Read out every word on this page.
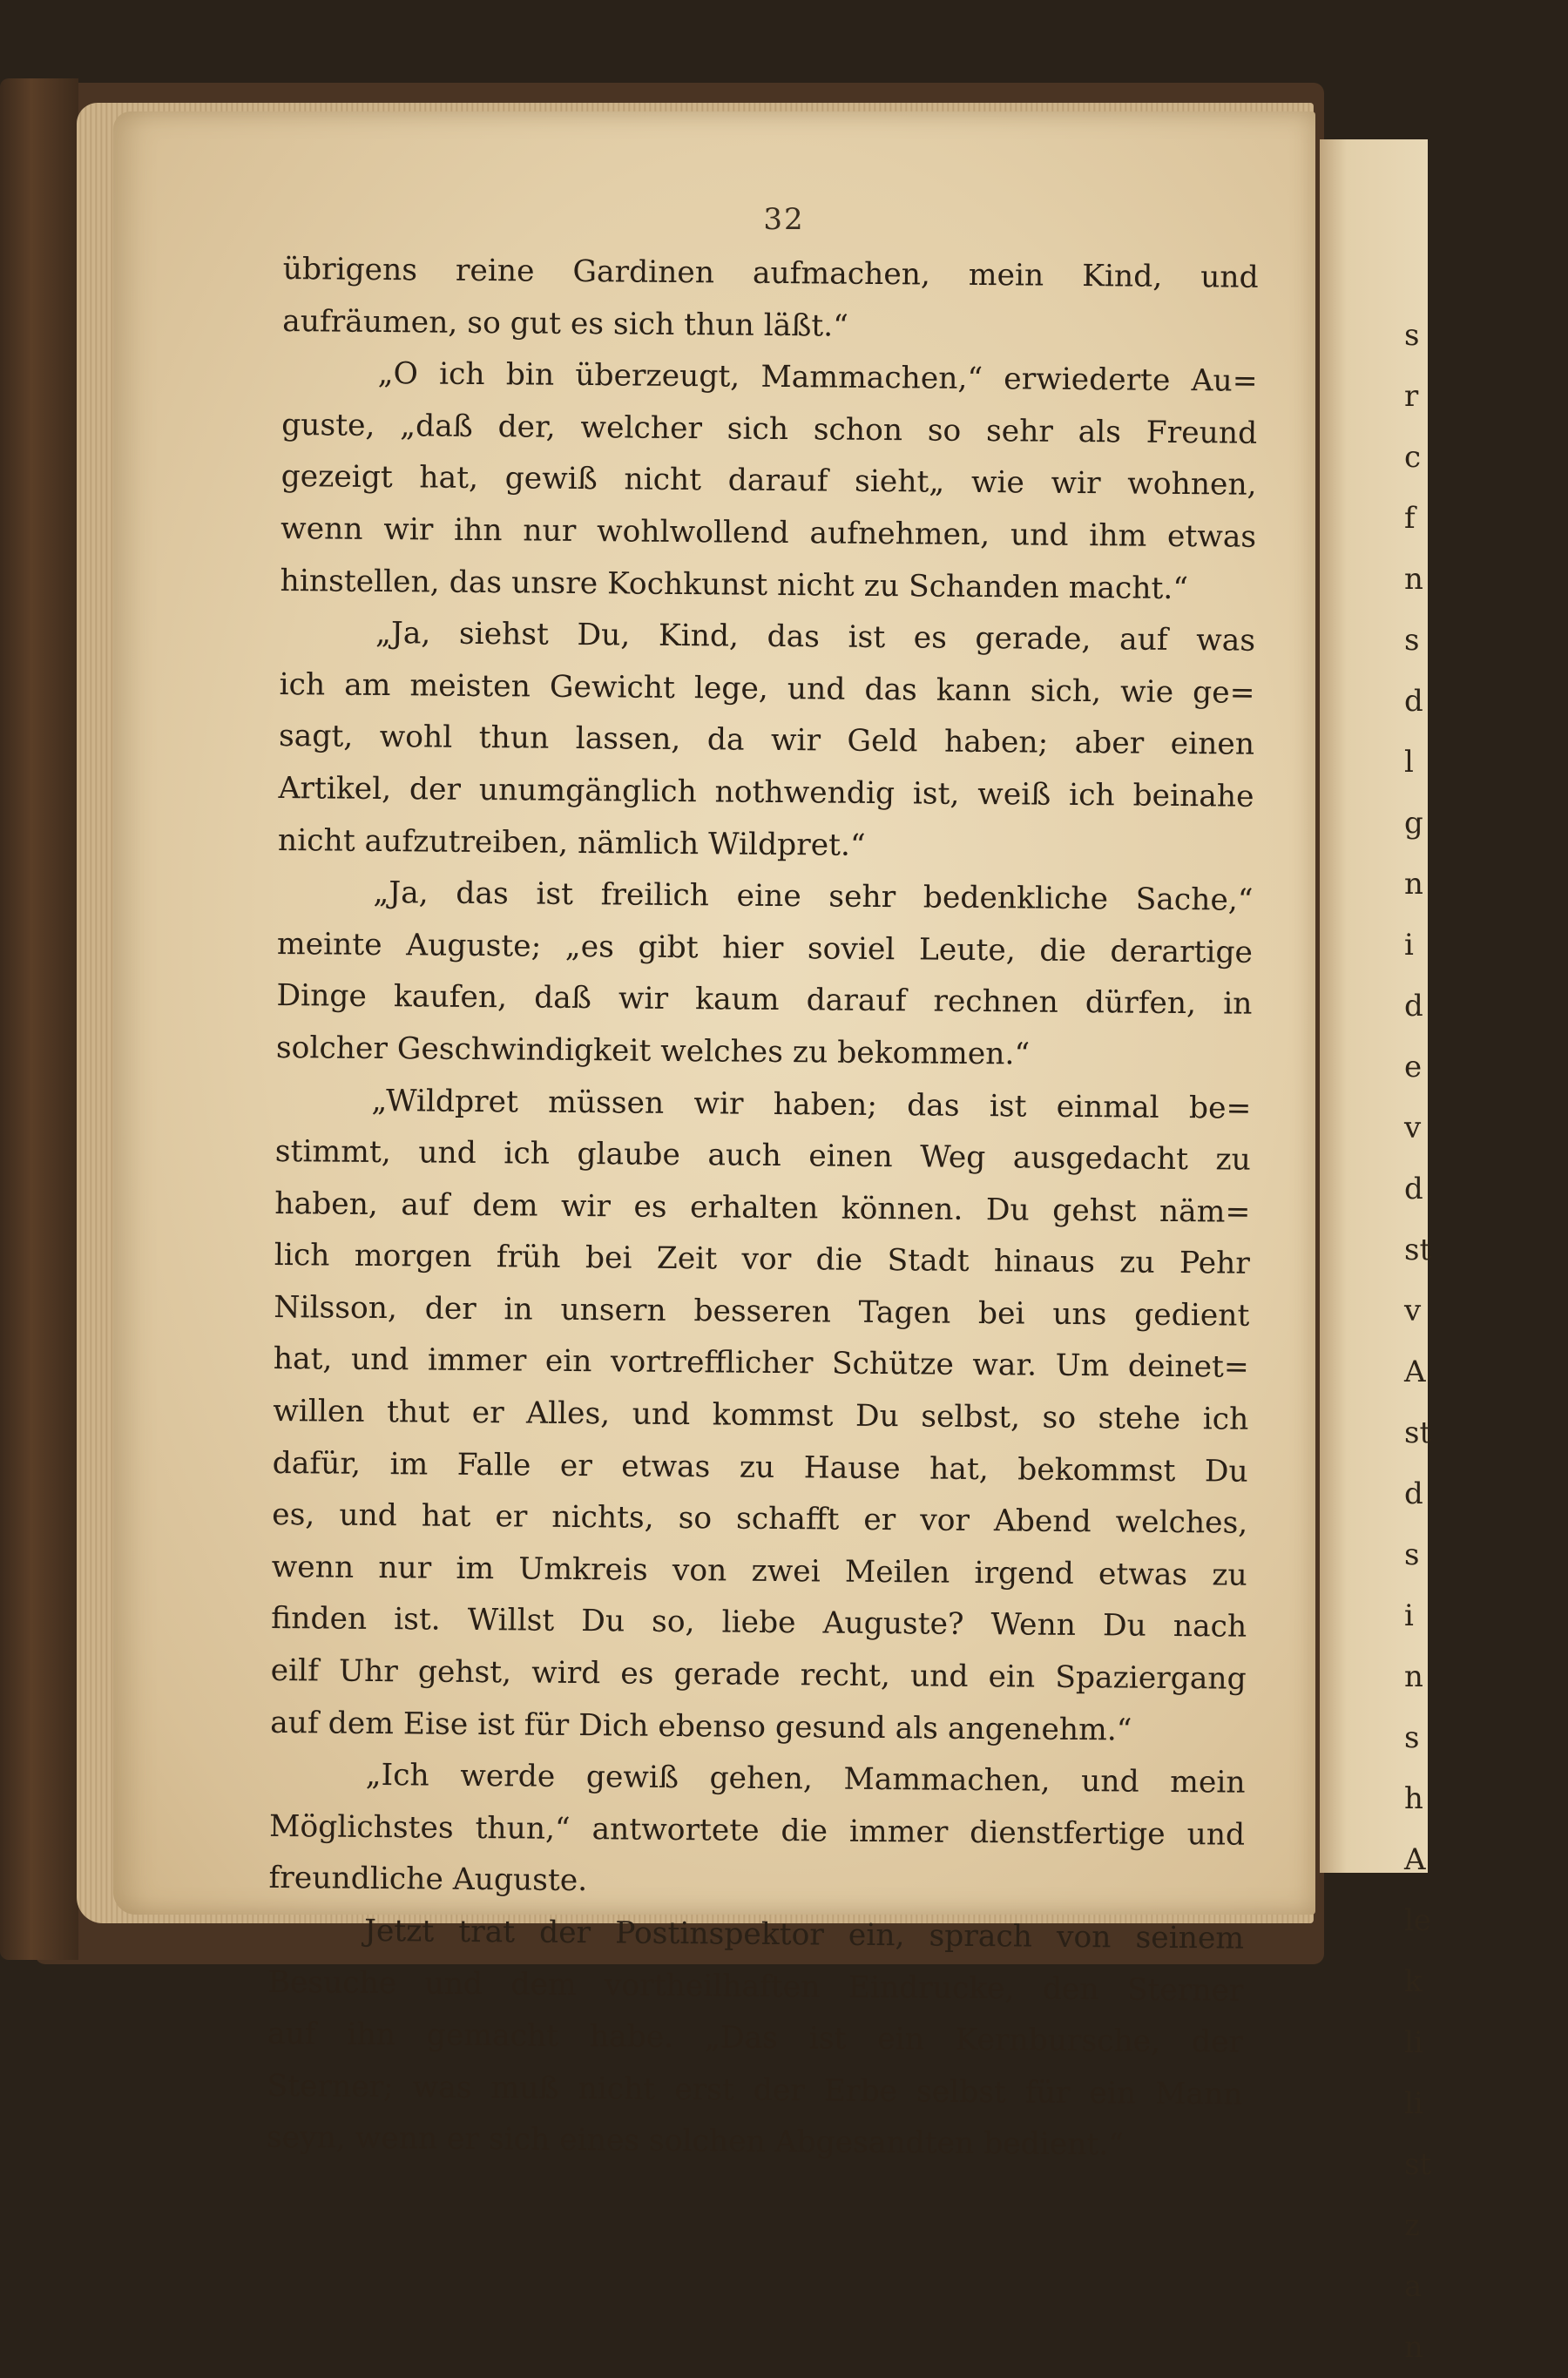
s
r
c
f
n
s
d
l
g
n
i
d
e
v
d
st
v
A
st
d
s
i
n
s
h
A
le
k
li
li
st
z
a
n
32
übrigens reine Gardinen aufmachen, mein Kind, und
aufräumen, so gut es sich thun läßt.“
„O ich bin überzeugt, Mammachen,“ erwiederte Au=
guste, „daß der, welcher sich schon so sehr als Freund
gezeigt hat, gewiß nicht darauf sieht„ wie wir wohnen,
wenn wir ihn nur wohlwollend aufnehmen, und ihm etwas
hinstellen, das unsre Kochkunst nicht zu Schanden macht.“
„Ja, siehst Du, Kind, das ist es gerade, auf was
ich am meisten Gewicht lege, und das kann sich, wie ge=
sagt, wohl thun lassen, da wir Geld haben; aber einen
Artikel, der unumgänglich nothwendig ist, weiß ich beinahe
nicht aufzutreiben, nämlich Wildpret.“
„Ja, das ist freilich eine sehr bedenkliche Sache,“
meinte Auguste; „es gibt hier soviel Leute, die derartige
Dinge kaufen, daß wir kaum darauf rechnen dürfen, in
solcher Geschwindigkeit welches zu bekommen.“
„Wildpret müssen wir haben; das ist einmal be=
stimmt, und ich glaube auch einen Weg ausgedacht zu
haben, auf dem wir es erhalten können. Du gehst näm=
lich morgen früh bei Zeit vor die Stadt hinaus zu Pehr
Nilsson, der in unsern besseren Tagen bei uns gedient
hat, und immer ein vortrefflicher Schütze war. Um deinet=
willen thut er Alles, und kommst Du selbst, so stehe ich
dafür, im Falle er etwas zu Hause hat, bekommst Du
es, und hat er nichts, so schafft er vor Abend welches,
wenn nur im Umkreis von zwei Meilen irgend etwas zu
finden ist. Willst Du so, liebe Auguste? Wenn Du nach
eilf Uhr gehst, wird es gerade recht, und ein Spaziergang
auf dem Eise ist für Dich ebenso gesund als angenehm.“
„Ich werde gewiß gehen, Mammachen, und mein
Möglichstes thun,“ antwortete die immer dienstfertige und
freundliche Auguste.
Jetzt trat der Postinspektor ein, sprach von seinem
Besuche und dem vortheilhaften Eindrucke, den Sterner
auf ihn gemacht habe. „Das ist ein Kernbursche, der
Sterner; was muß nicht erst der Erbe selbst für ein Mann
seyn, wenn er sich eines solchen Abgesandten bedient.“
